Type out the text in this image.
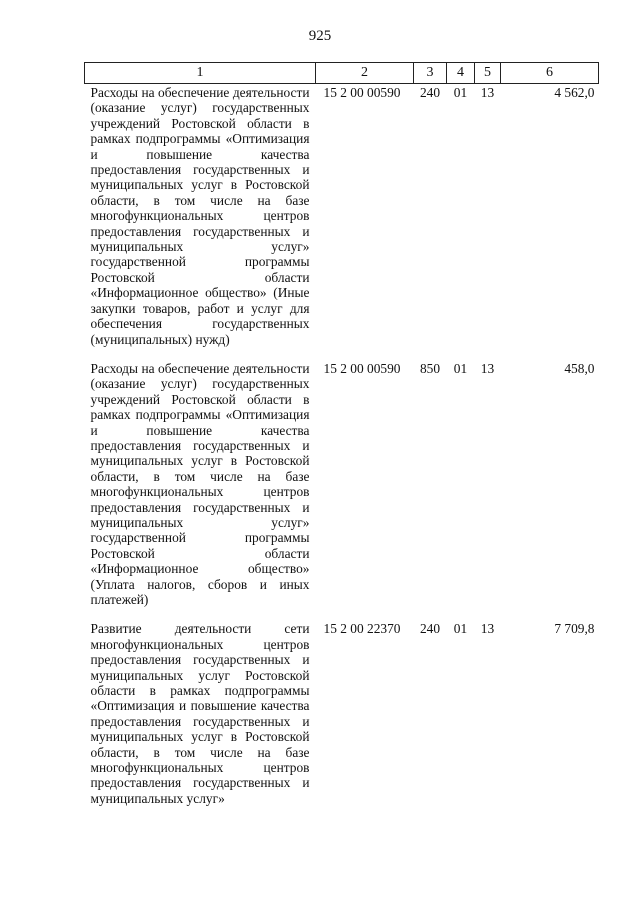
925
1	2	3	4	5	6
Расходы на обеспечение деятельности (оказание услуг) государственных учреждений Ростовской области в рамках подпрограммы «Оптимизация и повышение качества предоставления государственных и муниципальных услуг в Ростовской области, в том числе на базе многофункциональных центров предоставления государственных и муниципальных услуг» государственной программы Ростовской области «Информационное общество» (Иные закупки товаров, работ и услуг для обеспечения государственных (муниципальных) нужд)	15 2 00 00590	240	01	13	4 562,0
Расходы на обеспечение деятельности (оказание услуг) государственных учреждений Ростовской области в рамках подпрограммы «Оптимизация и повышение качества предоставления государственных и муниципальных услуг в Ростовской области, в том числе на базе многофункциональных центров предоставления государственных и муниципальных услуг» государственной программы Ростовской области «Информационное общество» (Уплата налогов, сборов и иных платежей)	15 2 00 00590	850	01	13	458,0
Развитие деятельности сети многофункциональных центров предоставления государственных и муниципальных услуг Ростовской области в рамках подпрограммы «Оптимизация и повышение качества предоставления государственных и муниципальных услуг в Ростовской области, в том числе на базе многофункциональных центров предоставления государственных и муниципальных услуг»	15 2 00 22370	240	01	13	7 709,8
